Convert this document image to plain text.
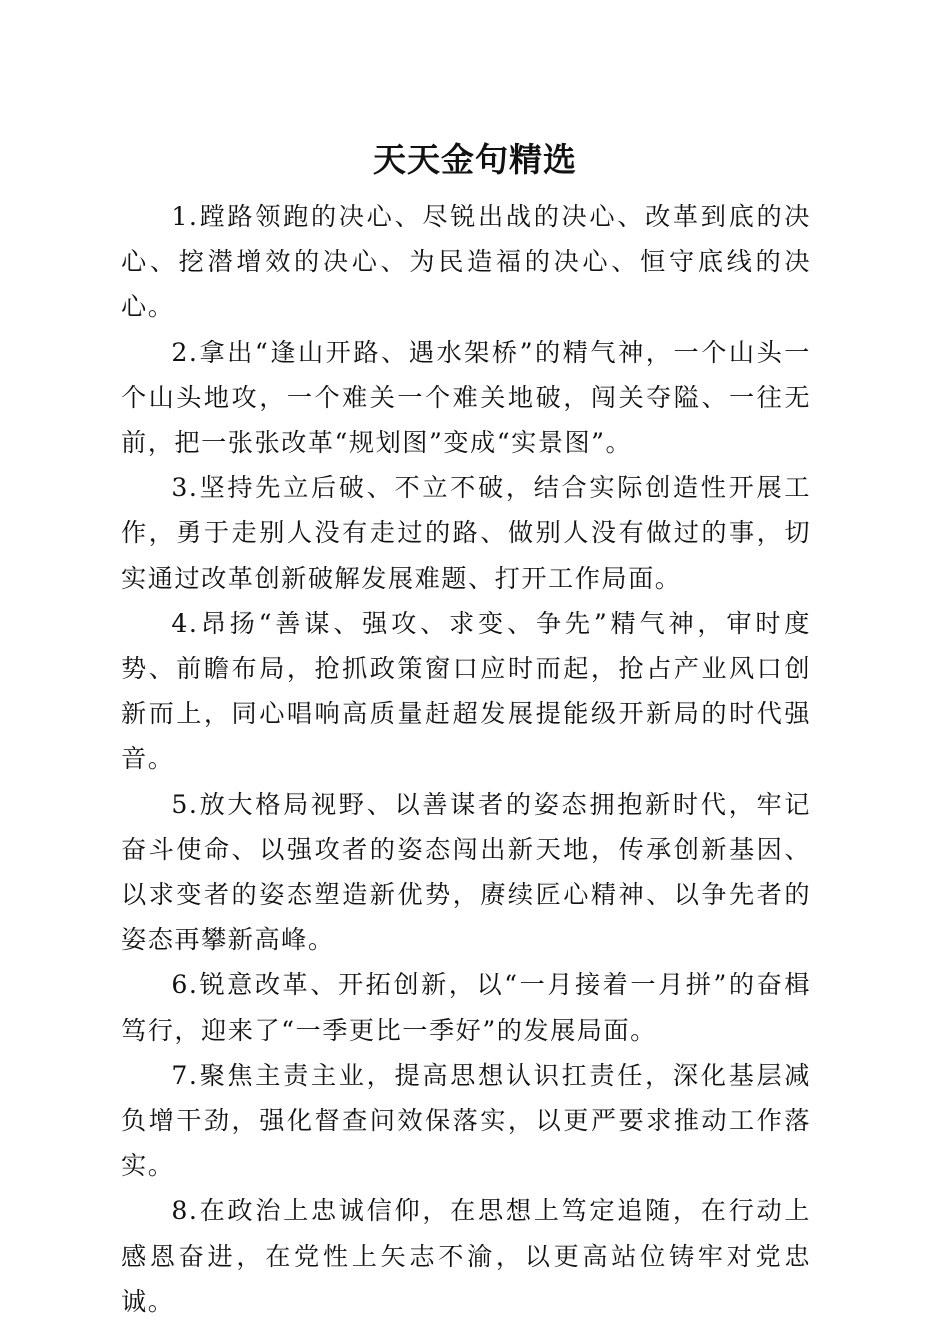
天天金句精选

1.蹚路领跑的决心、尽锐出战的决心、改革到底的决心、挖潜增效的决心、为民造福的决心、恒守底线的决心。

2.拿出“逢山开路、遇水架桥”的精气神，一个山头一个山头地攻，一个难关一个难关地破，闯关夺隘、一往无前，把一张张改革“规划图”变成“实景图”。

3.坚持先立后破、不立不破，结合实际创造性开展工作，勇于走别人没有走过的路、做别人没有做过的事，切实通过改革创新破解发展难题、打开工作局面。

4.昂扬“善谋、强攻、求变、争先”精气神，审时度势、前瞻布局，抢抓政策窗口应时而起，抢占产业风口创新而上，同心唱响高质量赶超发展提能级开新局的时代强音。

5.放大格局视野、以善谋者的姿态拥抱新时代，牢记奋斗使命、以强攻者的姿态闯出新天地，传承创新基因、以求变者的姿态塑造新优势，赓续匠心精神、以争先者的姿态再攀新高峰。

6.锐意改革、开拓创新，以“一月接着一月拼”的奋楫笃行，迎来了“一季更比一季好”的发展局面。

7.聚焦主责主业，提高思想认识扛责任，深化基层减负增干劲，强化督查问效保落实，以更严要求推动工作落实。

8.在政治上忠诚信仰，在思想上笃定追随，在行动上感恩奋进，在党性上矢志不渝，以更高站位铸牢对党忠诚。
